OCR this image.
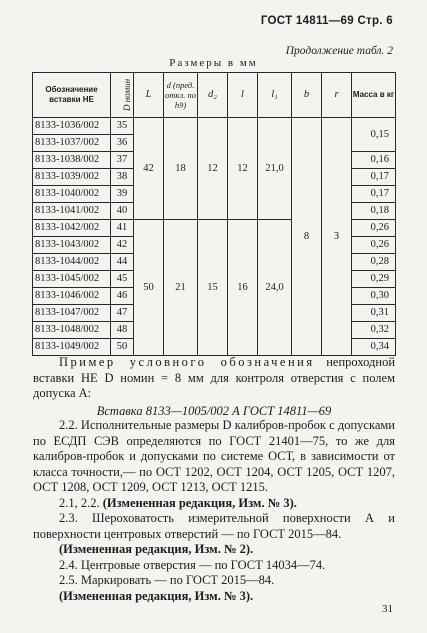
ГОСТ 14811—69 Стр. 6
Продолжение табл. 2
Размеры в мм
Обозначение вставки НЕ	D номин	L	d (пред. откл. по h9)	d₂	l	l₁	b	r	Масса в кг
8133-1036/002	35	42	18	12	12	21,0	8	3	0,15
8133-1037/002	36								
8133-1038/002	37								0,16
8133-1039/002	38								0,17
8133-1040/002	39								0,17
8133-1041/002	40								0,18
8133-1042/002	41	50	21	15	16	24,0			0,26
8133-1043/002	42								0,26
8133-1044/002	44								0,28
8133-1045/002	45								0,29
8133-1046/002	46								0,30
8133-1047/002	47								0,31
8133-1048/002	48								0,32
8133-1049/002	50								0,34

Пример условного обозначения непроходной вставки НЕ D номин = 8 мм для контроля отверстия с полем допуска A:

Вставка 8133—1005/002 А ГОСТ 14811—69

2.2. Исполнительные размеры D калибров-пробок с допусками по ЕСДП СЭВ определяются по ГОСТ 21401—75, то же для калибров-пробок и допусками по системе ОСТ, в зависимости от класса точности,— по ОСТ 1202, ОСТ 1204, ОСТ 1205, ОСТ 1207, ОСТ 1208, ОСТ 1209, ОСТ 1213, ОСТ 1215.

2.1, 2.2. (Измененная редакция, Изм. № 3).

2.3. Шероховатость измерительной поверхности А и поверхности центровых отверстий — по ГОСТ 2015—84.

(Измененная редакция, Изм. № 2).

2.4. Центровые отверстия — по ГОСТ 14034—74.

2.5. Маркировать — по ГОСТ 2015—84.

(Измененная редакция, Изм. № 3).

31
